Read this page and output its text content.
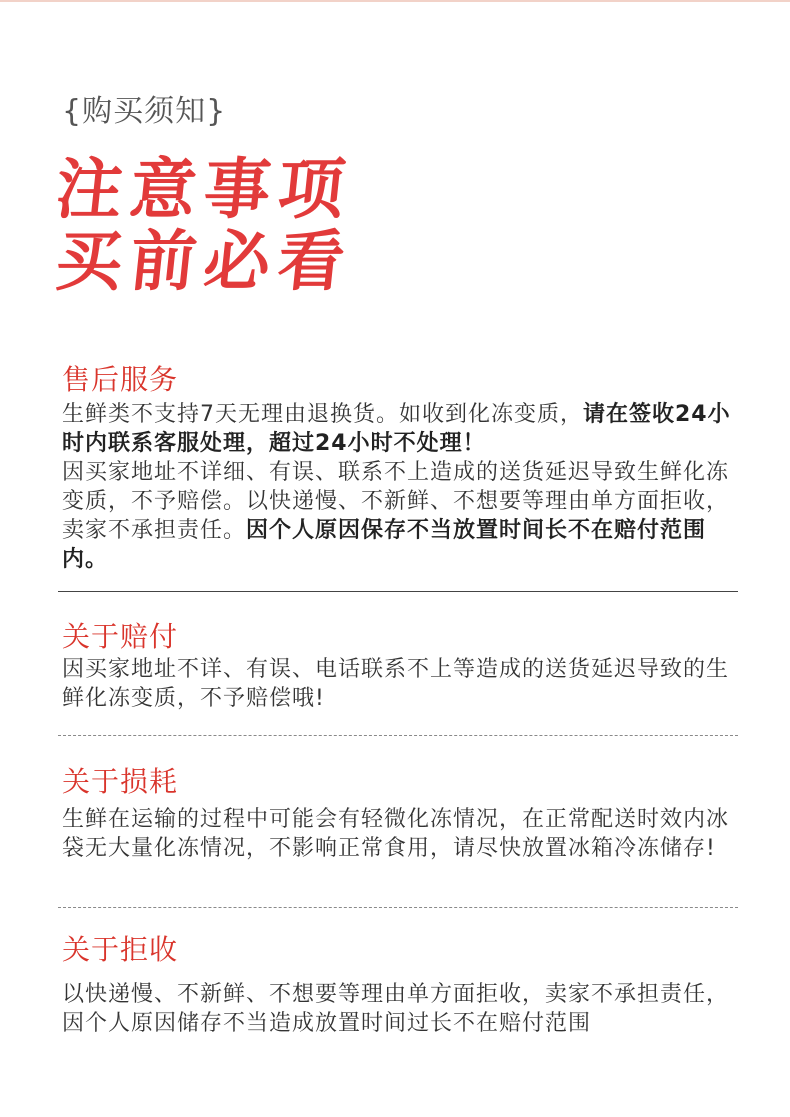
{购买须知}
注意事项
买前必看
售后服务
生鲜类不支持7天无理由退换货。如收到化冻变质，请在签收24小时内联系客服处理，超过24小时不处理！
因买家地址不详细、有误、联系不上造成的送货延迟导致生鲜化冻变质，不予赔偿。以快递慢、不新鲜、不想要等理由单方面拒收，卖家不承担责任。因个人原因保存不当放置时间长不在赔付范围内。
关于赔付
因买家地址不详、有误、电话联系不上等造成的送货延迟导致的生鲜化冻变质，不予赔偿哦!
关于损耗
生鲜在运输的过程中可能会有轻微化冻情况，在正常配送时效内冰袋无大量化冻情况，不影响正常食用，请尽快放置冰箱冷冻储存!
关于拒收
以快递慢、不新鲜、不想要等理由单方面拒收，卖家不承担责任，因个人原因储存不当造成放置时间过长不在赔付范围
